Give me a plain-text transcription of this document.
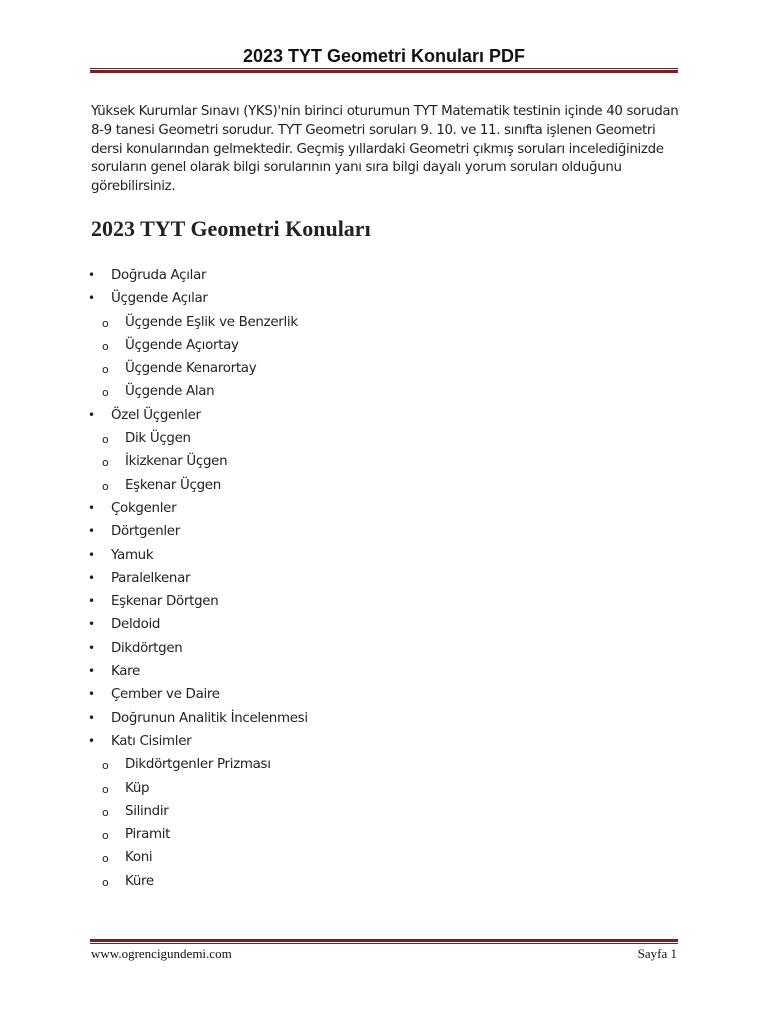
2023 TYT Geometri Konuları PDF

Yüksek Kurumlar Sınavı (YKS)'nin birinci oturumun TYT Matematik testinin içinde 40 sorudan 8-9 tanesi Geometri sorudur. TYT Geometri soruları 9. 10. ve 11. sınıfta işlenen Geometri dersi konularından gelmektedir. Geçmiş yıllardaki Geometri çıkmış soruları incelediğinizde soruların genel olarak bilgi sorularının yanı sıra bilgi dayalı yorum soruları olduğunu görebilirsiniz.

2023 TYT Geometri Konuları
• Doğruda Açılar
• Üçgende Açılar
o Üçgende Eşlik ve Benzerlik
o Üçgende Açıortay
o Üçgende Kenarortay
o Üçgende Alan
• Özel Üçgenler
o Dik Üçgen
o İkizkenar Üçgen
o Eşkenar Üçgen
• Çokgenler
• Dörtgenler
• Yamuk
• Paralelkenar
• Eşkenar Dörtgen
• Deldoid
• Dikdörtgen
• Kare
• Çember ve Daire
• Doğrunun Analitik İncelenmesi
• Katı Cisimler
o Dikdörtgenler Prizması
o Küp
o Silindir
o Piramit
o Koni
o Küre
www.ogrencigundemi.com	Sayfa 1
